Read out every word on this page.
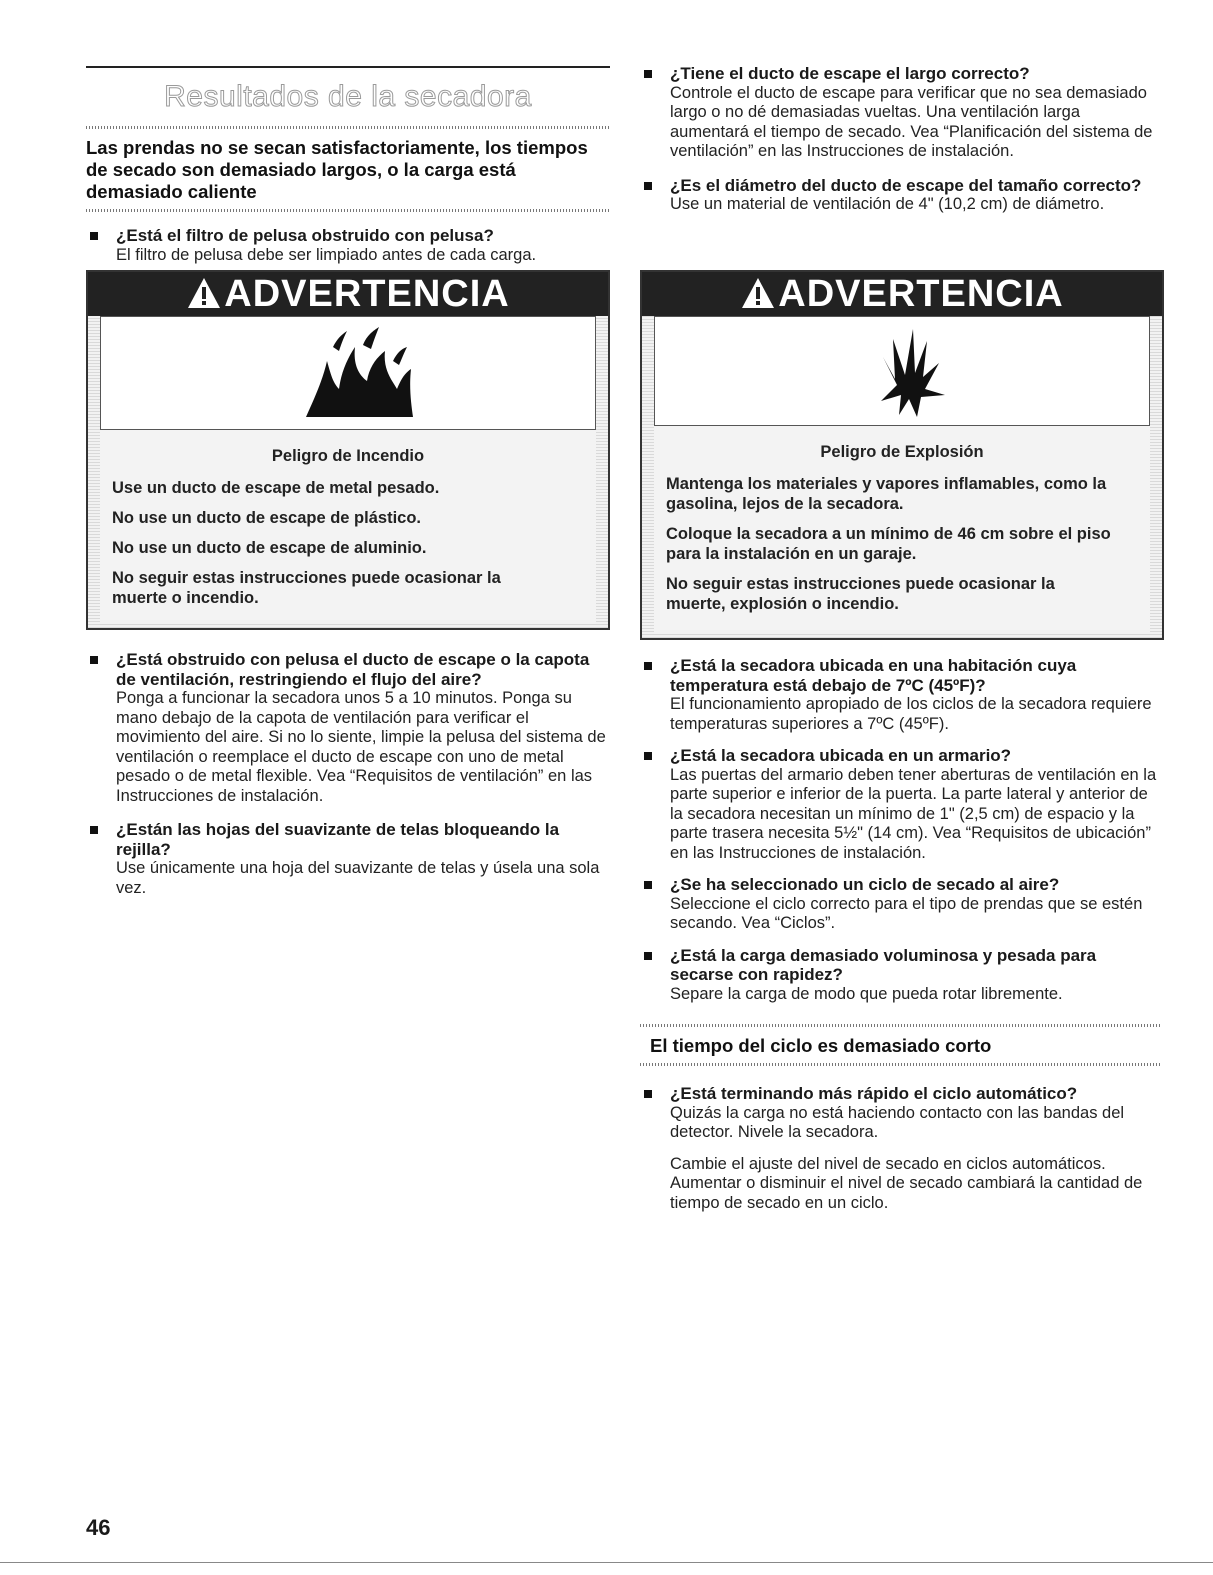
Resultados de la secadora
Las prendas no se secan satisfactoriamente, los tiempos de secado son demasiado largos, o la carga está demasiado caliente
¿Está el filtro de pelusa obstruido con pelusa?
El filtro de pelusa debe ser limpiado antes de cada carga.
ADVERTENCIA
Peligro de Incendio

Use un ducto de escape de metal pesado.

No use un ducto de escape de plástico.

No use un ducto de escape de aluminio.

No seguir estas instrucciones puede ocasionar la muerte o incendio.

¿Está obstruido con pelusa el ducto de escape o la capota de ventilación, restringiendo el flujo del aire?
Ponga a funcionar la secadora unos 5 a 10 minutos. Ponga su mano debajo de la capota de ventilación para verificar el movimiento del aire. Si no lo siente, limpie la pelusa del sistema de ventilación o reemplace el ducto de escape con uno de metal pesado o de metal flexible. Vea “Requisitos de ventilación” en las Instrucciones de instalación.
¿Están las hojas del suavizante de telas bloqueando la rejilla?
Use únicamente una hoja del suavizante de telas y úsela una sola vez.
¿Tiene el ducto de escape el largo correcto?
Controle el ducto de escape para verificar que no sea demasiado largo o no dé demasiadas vueltas. Una ventilación larga aumentará el tiempo de secado. Vea “Planificación del sistema de ventilación” en las Instrucciones de instalación.
¿Es el diámetro del ducto de escape del tamaño correcto?
Use un material de ventilación de 4" (10,2 cm) de diámetro.
ADVERTENCIA
Peligro de Explosión

Mantenga los materiales y vapores inflamables, como la gasolina, lejos de la secadora.

Coloque la secadora a un mínimo de 46 cm sobre el piso para la instalación en un garaje.

No seguir estas instrucciones puede ocasionar la muerte, explosión o incendio.

¿Está la secadora ubicada en una habitación cuya temperatura está debajo de 7ºC (45ºF)?
El funcionamiento apropiado de los ciclos de la secadora requiere temperaturas superiores a 7ºC (45ºF).
¿Está la secadora ubicada en un armario?
Las puertas del armario deben tener aberturas de ventilación en la parte superior e inferior de la puerta. La parte lateral y anterior de la secadora necesitan un mínimo de 1" (2,5 cm) de espacio y la parte trasera necesita 5½" (14 cm). Vea “Requisitos de ubicación” en las Instrucciones de instalación.
¿Se ha seleccionado un ciclo de secado al aire?
Seleccione el ciclo correcto para el tipo de prendas que se estén secando. Vea “Ciclos”.
¿Está la carga demasiado voluminosa y pesada para secarse con rapidez?
Separe la carga de modo que pueda rotar libremente.
El tiempo del ciclo es demasiado corto
¿Está terminando más rápido el ciclo automático?
Quizás la carga no está haciendo contacto con las bandas del detector. Nivele la secadora.
Cambie el ajuste del nivel de secado en ciclos automáticos. Aumentar o disminuir el nivel de secado cambiará la cantidad de tiempo de secado en un ciclo.
46
